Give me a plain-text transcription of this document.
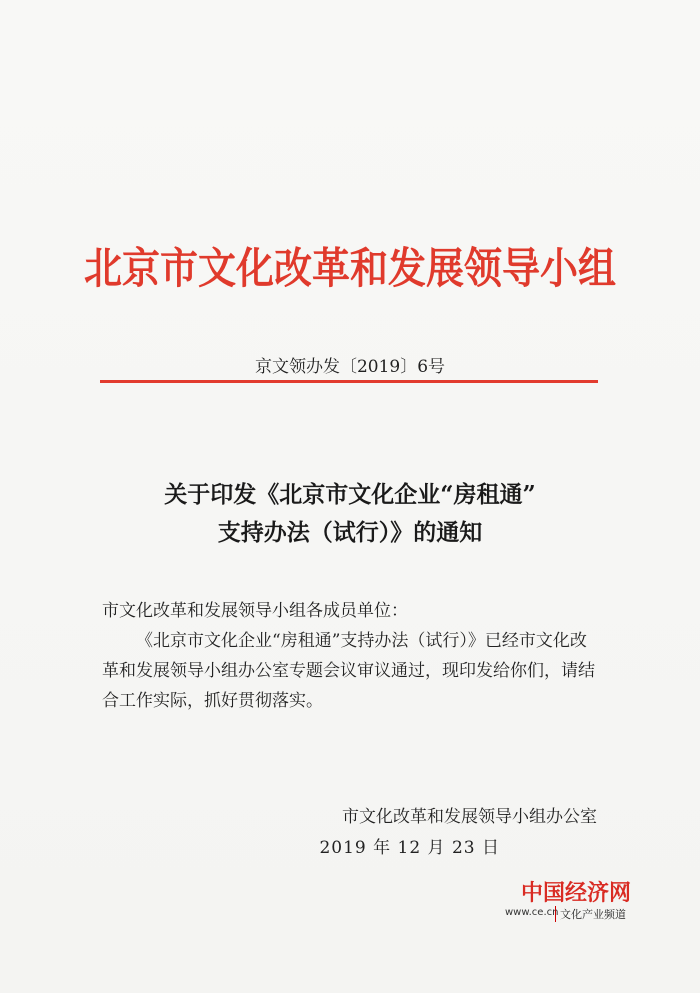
北京市文化改革和发展领导小组
京文领办发〔2019〕6号
关于印发《北京市文化企业“房租通”
支持办法（试行）》的通知
市文化改革和发展领导小组各成员单位：
《北京市文化企业“房租通”支持办法（试行）》已经市文化改革和发展领导小组办公室专题会议审议通过，现印发给你们，请结合工作实际，抓好贯彻落实。
市文化改革和发展领导小组办公室
2019 年 12 月 23 日
中国经济网
www.ce.cn 文化产业频道
